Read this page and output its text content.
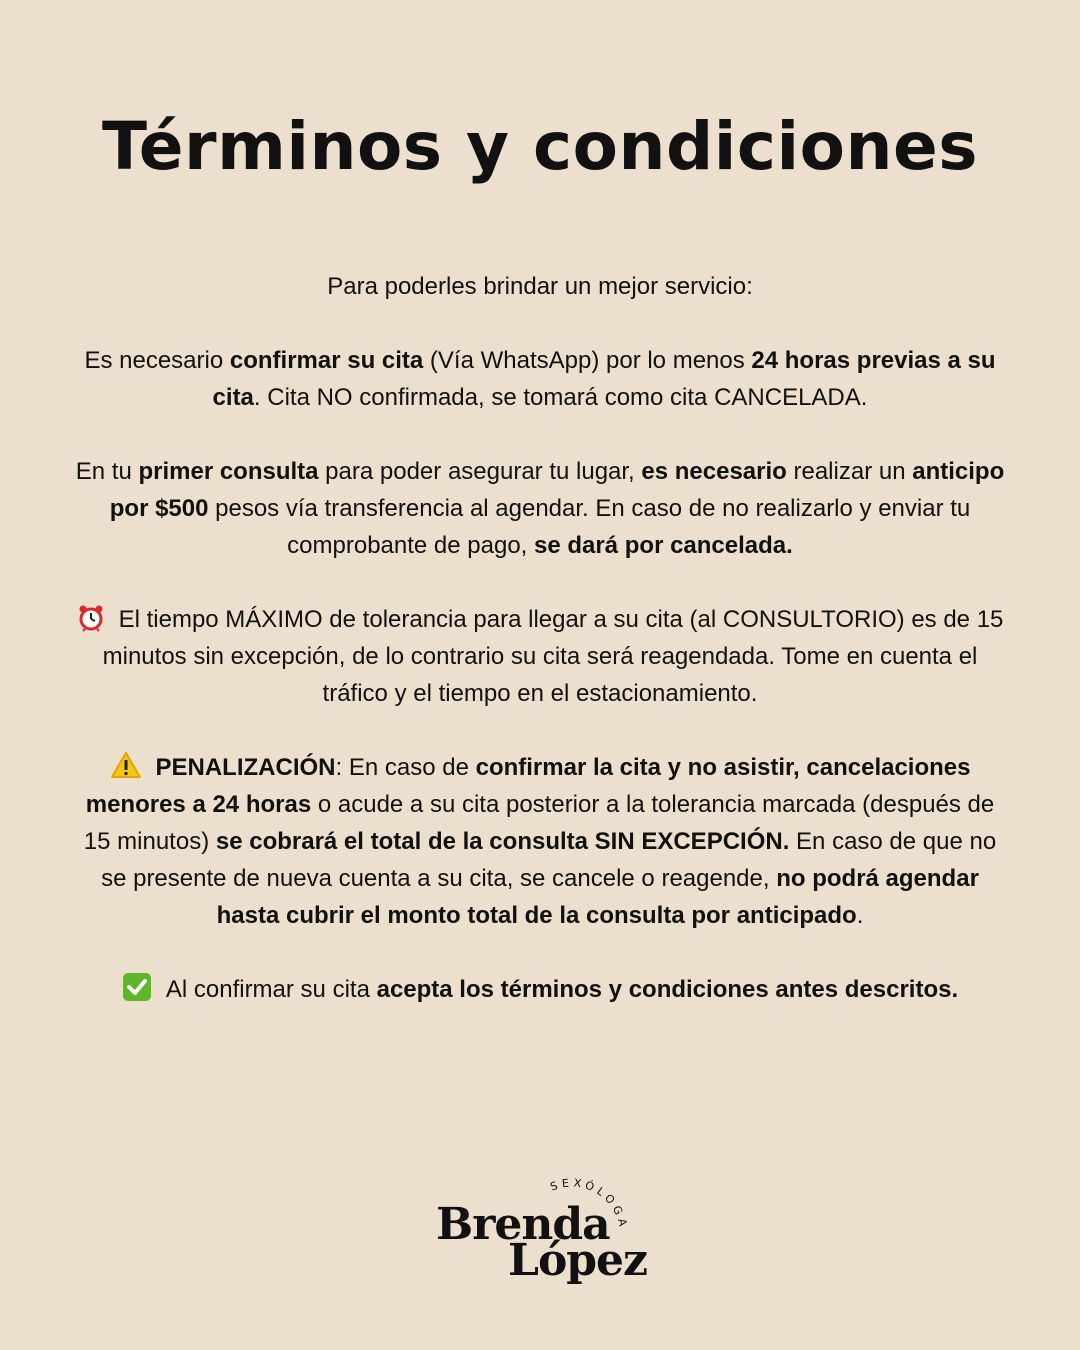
Términos y condiciones

Para poderles brindar un mejor servicio:

Es necesario confirmar su cita (Vía WhatsApp) por lo menos 24 horas previas a su cita. Cita NO confirmada, se tomará como cita CANCELADA.

En tu primer consulta para poder asegurar tu lugar, es necesario realizar un anticipo por $500 pesos vía transferencia al agendar. En caso de no realizarlo y enviar tu comprobante de pago, se dará por cancelada.

El tiempo MÁXIMO de tolerancia para llegar a su cita (al CONSULTORIO) es de 15 minutos sin excepción, de lo contrario su cita será reagendada. Tome en cuenta el tráfico y el tiempo en el estacionamiento.

PENALIZACIÓN: En caso de confirmar la cita y no asistir, cancelaciones menores a 24 horas o acude a su cita posterior a la tolerancia marcada (después de 15 minutos) se cobrará el total de la consulta SIN EXCEPCIÓN. En caso de que no se presente de nueva cuenta a su cita, se cancele o reagende, no podrá agendar hasta cubrir el monto total de la consulta por anticipado.

Al confirmar su cita acepta los términos y condiciones antes descritos.

SEXÓLOGA
Brenda
López
